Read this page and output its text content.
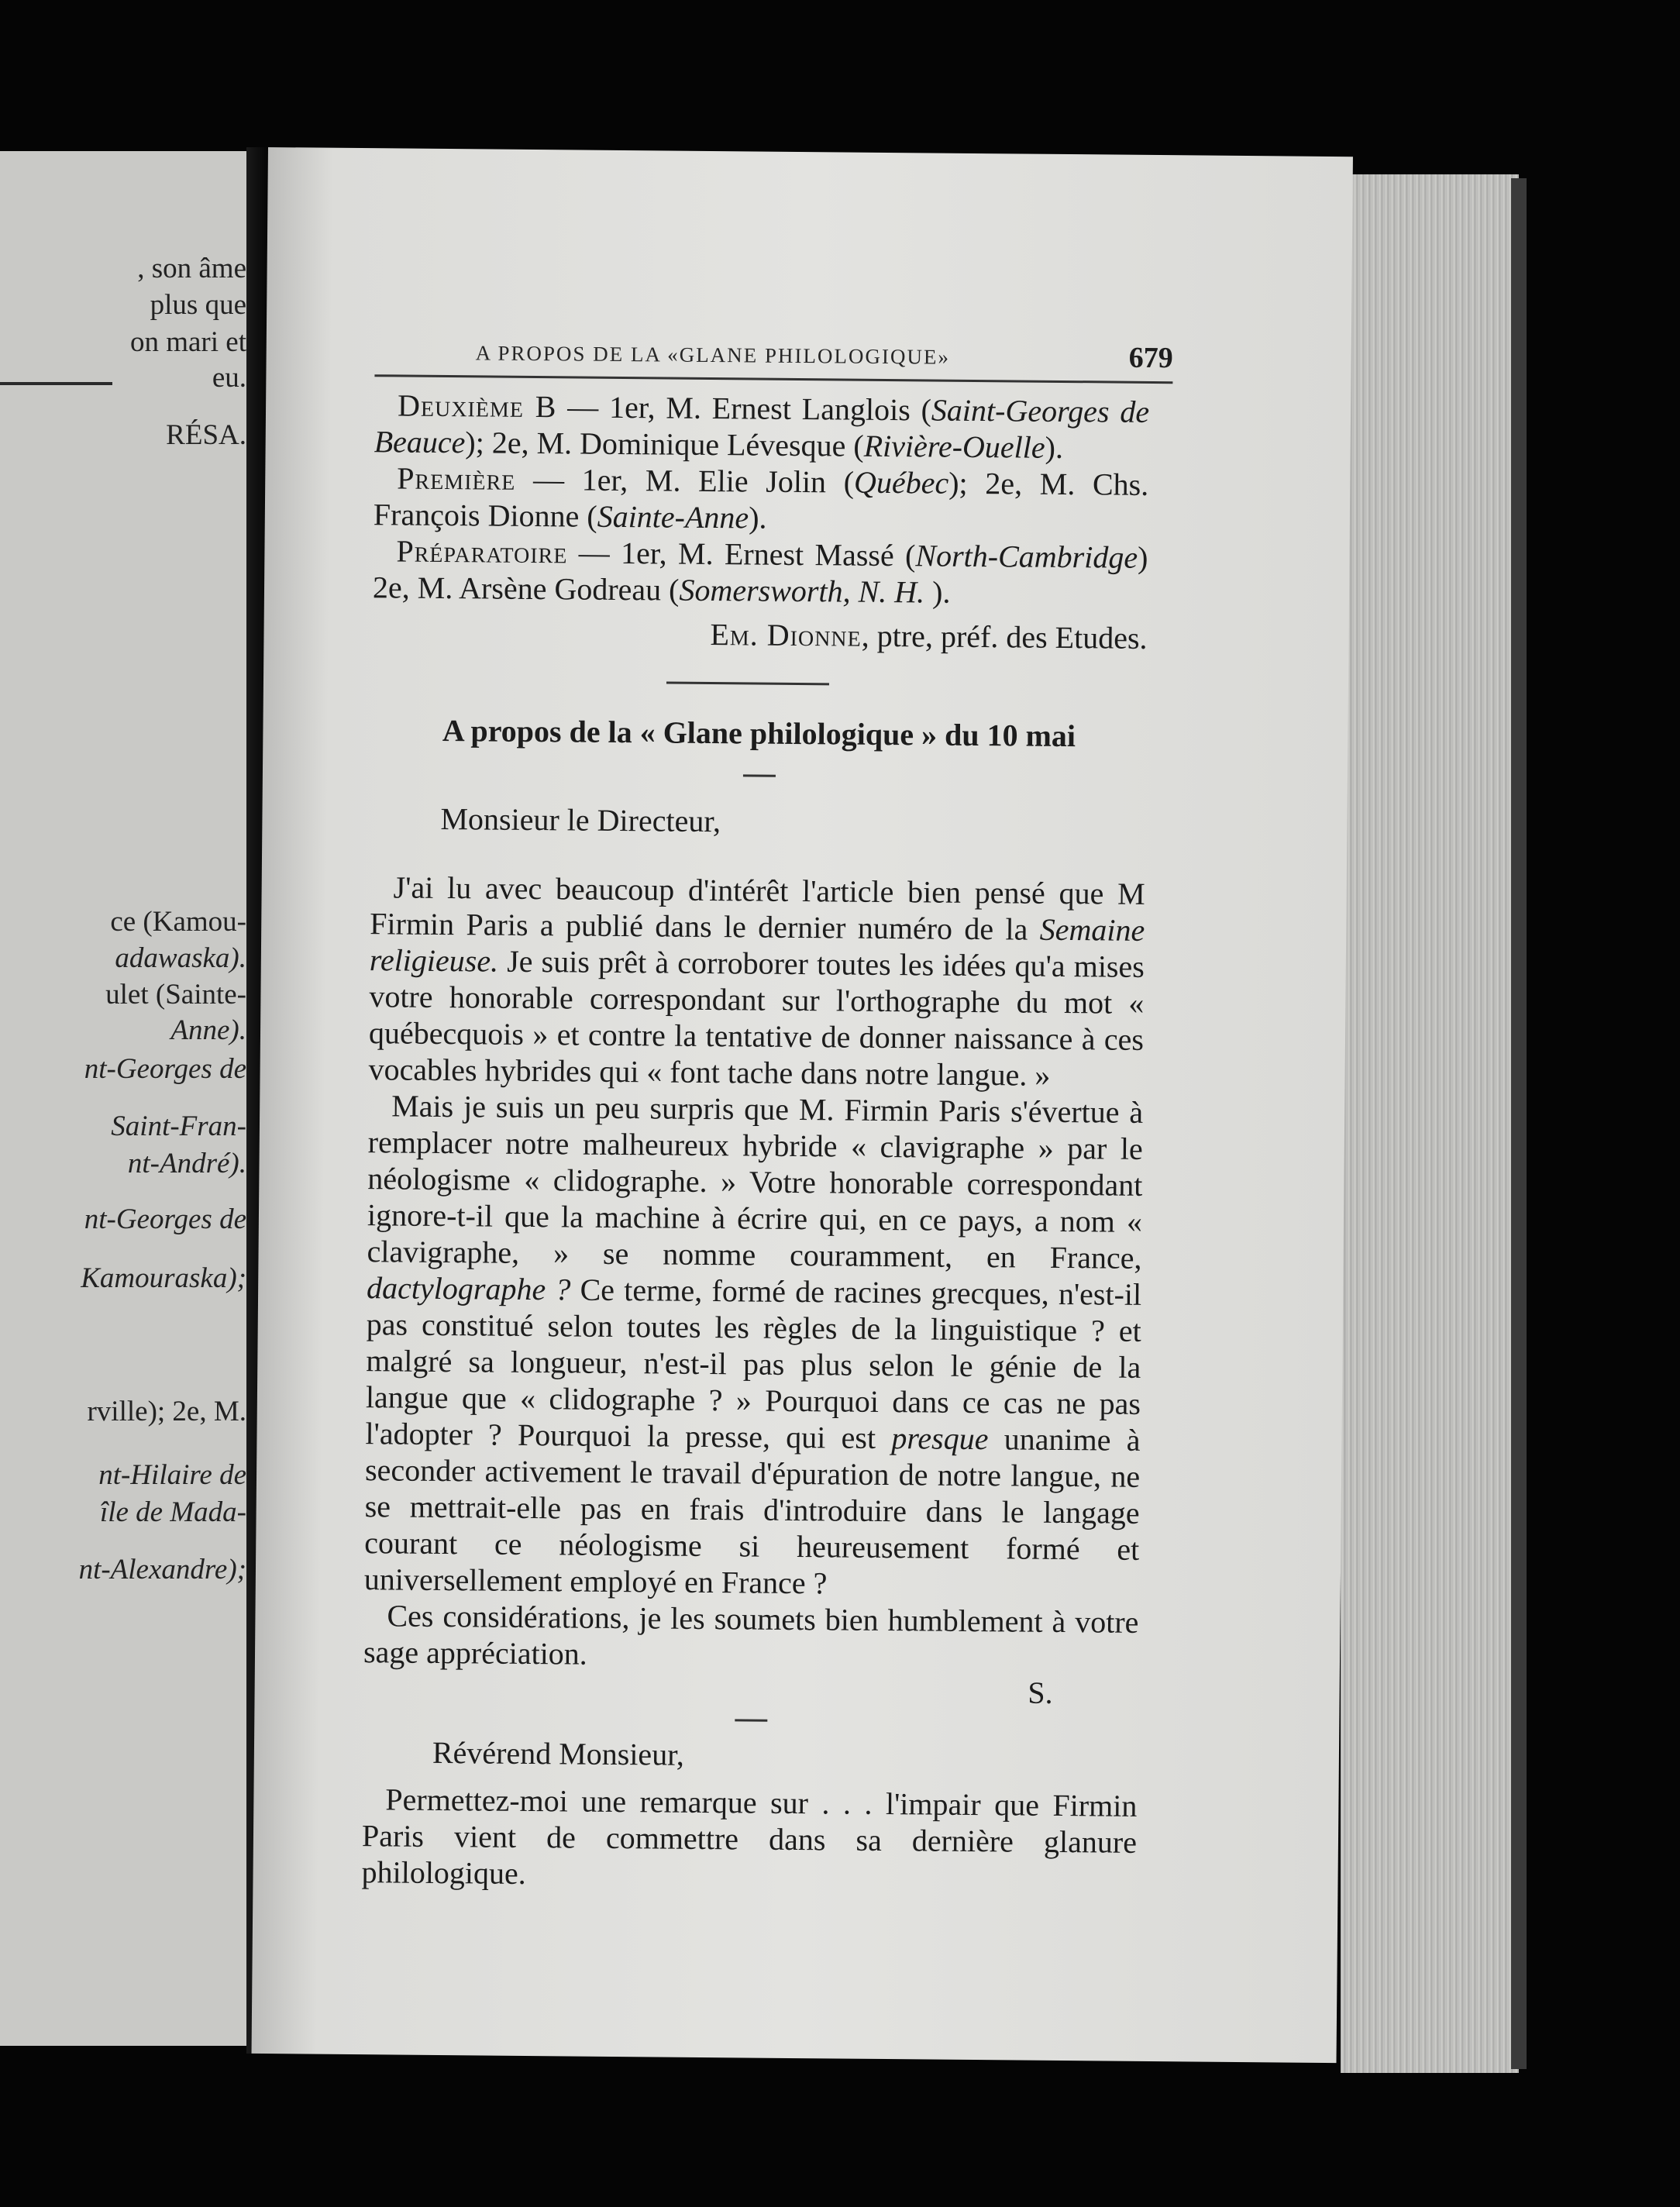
, son âme
plus que
on mari et
eu.
RÉSA.
ce (Kamou-
adawaska).
ulet (Sainte-
Anne).
nt-Georges de
Saint-Fran-
nt-André).
nt-Georges de
Kamouraska);
rville); 2e, M.
nt-Hilaire de
île de Mada-
nt-Alexandre);
A PROPOS DE LA «GLANE PHILOLOGIQUE»	679

Deuxième B — 1er, M. Ernest Langlois (Saint-Georges de Beauce); 2e, M. Dominique Lévesque (Rivière-Ouelle).

Première — 1er, M. Elie Jolin (Québec); 2e, M. Chs. François Dionne (Sainte-Anne).

Préparatoire — 1er, M. Ernest Massé (North-Cambridge) 2e, M. Arsène Godreau (Somersworth, N. H. ).

Em. Dionne, ptre, préf. des Etudes.
A propos de la « Glane philologique » du 10 mai
Monsieur le Directeur,

J'ai lu avec beaucoup d'intérêt l'article bien pensé que M Firmin Paris a publié dans le dernier numéro de la Semaine religieuse. Je suis prêt à corroborer toutes les idées qu'a mises votre honorable correspondant sur l'orthographe du mot « québecquois » et contre la tentative de donner naissance à ces vocables hybrides qui « font tache dans notre langue. »

Mais je suis un peu surpris que M. Firmin Paris s'évertue à remplacer notre malheureux hybride « clavigraphe » par le néologisme « clidographe. » Votre honorable correspondant ignore-t-il que la machine à écrire qui, en ce pays, a nom « clavigraphe, » se nomme couramment, en France, dactylographe ? Ce terme, formé de racines grecques, n'est-il pas constitué selon toutes les règles de la linguistique ? et malgré sa longueur, n'est-il pas plus selon le génie de la langue que « clidographe ? » Pourquoi dans ce cas ne pas l'adopter ? Pourquoi la presse, qui est presque unanime à seconder activement le travail d'épuration de notre langue, ne se mettrait-elle pas en frais d'introduire dans le langage courant ce néologisme si heureusement formé et universellement employé en France ?

Ces considérations, je les soumets bien humblement à votre sage appréciation.

S.
Révérend Monsieur,

Permettez-moi une remarque sur . . . l'impair que Firmin Paris vient de commettre dans sa dernière glanure philologique.
